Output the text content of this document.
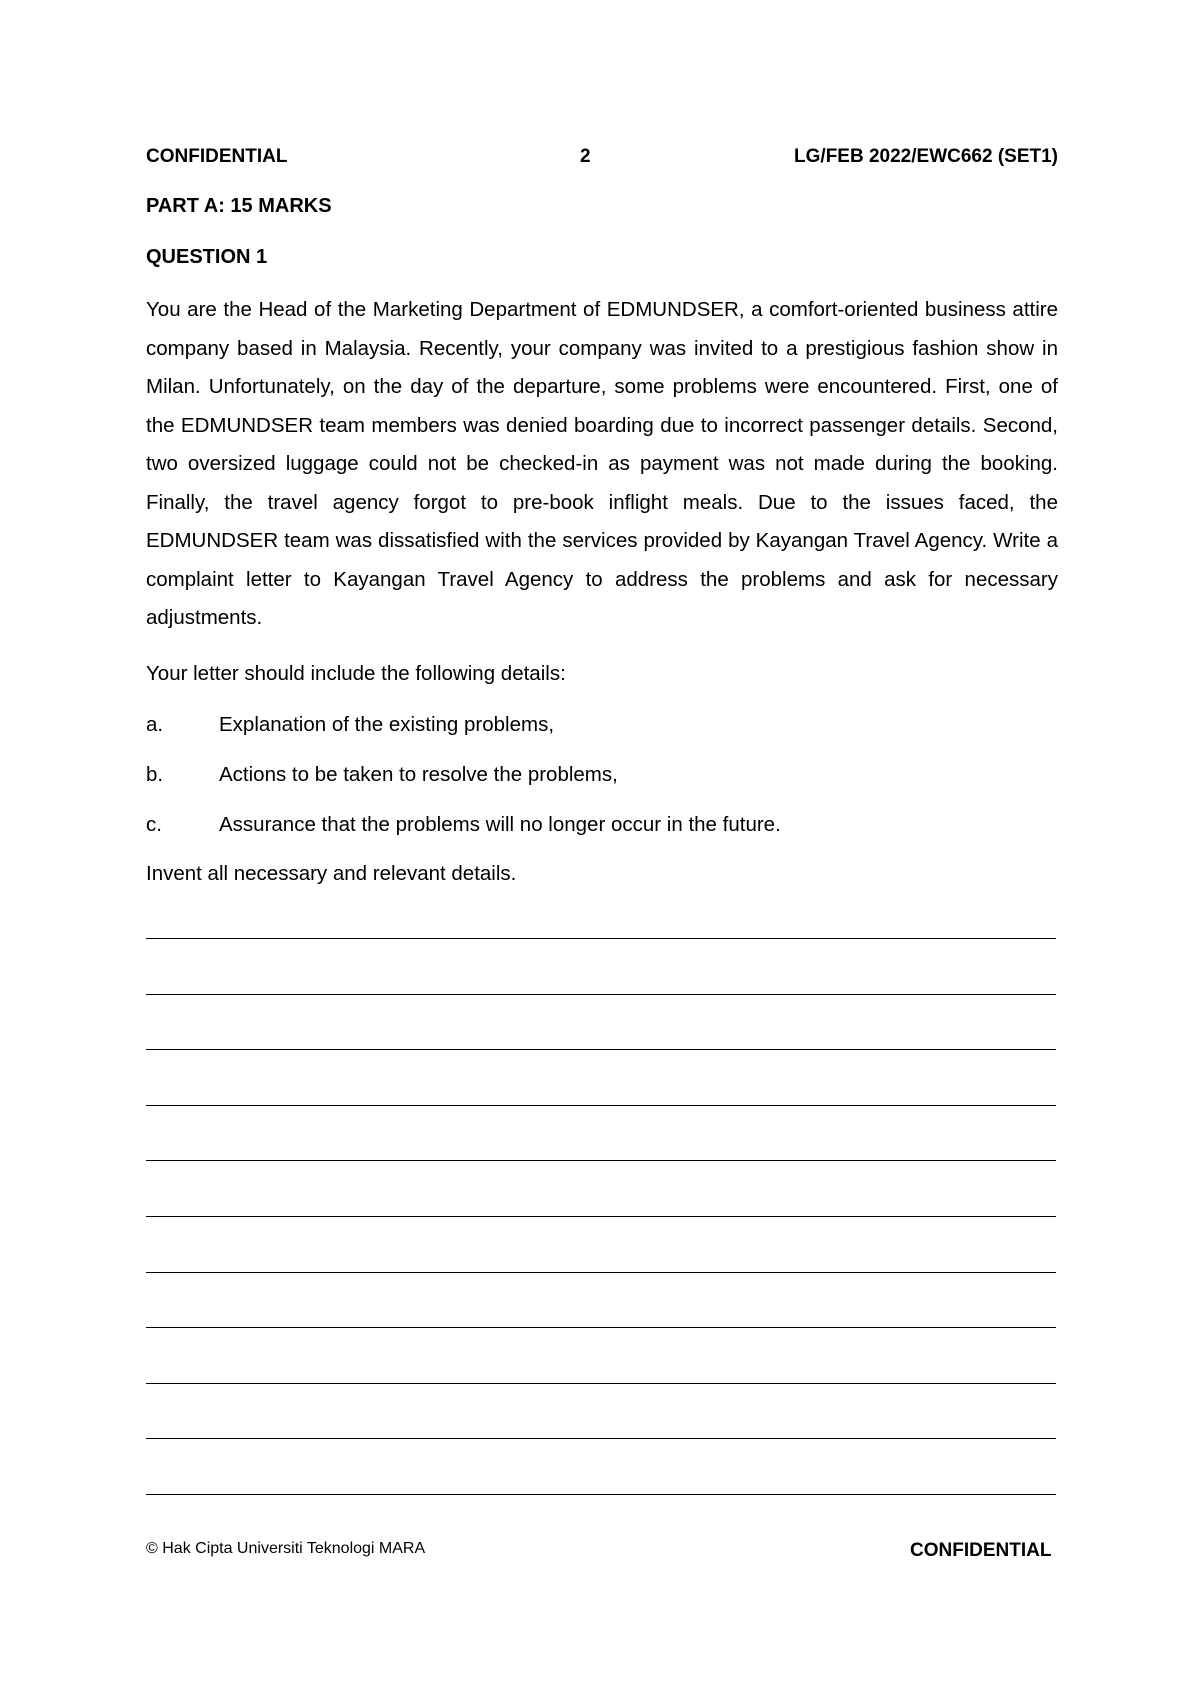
CONFIDENTIAL	2	LG/FEB 2022/EWC662 (SET1)
PART A: 15 MARKS
QUESTION 1

You are the Head of the Marketing Department of EDMUNDSER, a comfort-oriented business attire company based in Malaysia. Recently, your company was invited to a prestigious fashion show in Milan. Unfortunately, on the day of the departure, some problems were encountered. First, one of the EDMUNDSER team members was denied boarding due to incorrect passenger details. Second, two oversized luggage could not be checked-in as payment was not made during the booking. Finally, the travel agency forgot to pre-book inflight meals. Due to the issues faced, the EDMUNDSER team was dissatisfied with the services provided by Kayangan Travel Agency. Write a complaint letter to Kayangan Travel Agency to address the problems and ask for necessary adjustments.

Your letter should include the following details:

a.	Explanation of the existing problems,
b.	Actions to be taken to resolve the problems,
c.	Assurance that the problems will no longer occur in the future.

Invent all necessary and relevant details.

© Hak Cipta Universiti Teknologi MARA	CONFIDENTIAL
